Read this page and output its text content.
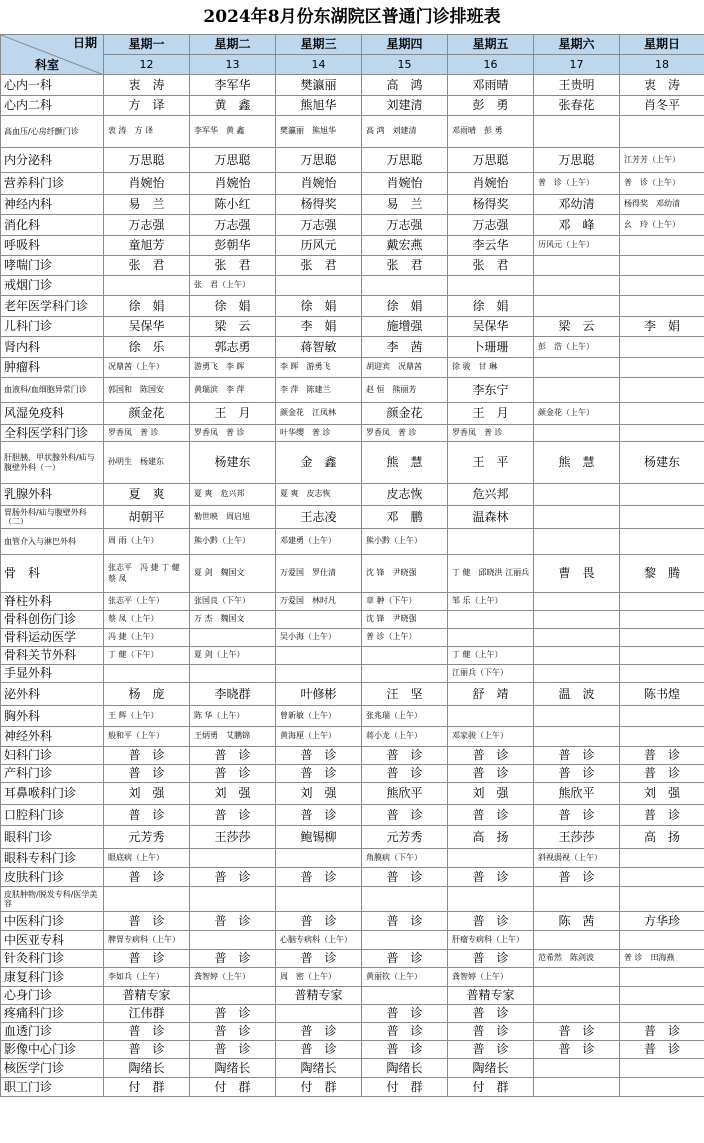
2024年8月份东湖院区普通门诊排班表
日期
科室	星期一	星期二	星期三	星期四	星期五	星期六	星期日
	12	13	14	15	16	17	18
心内一科	衷　涛	李军华	樊瀛丽	高　鸿	邓雨晴	王贵明	衷　涛
心内二科	方　译	黄　鑫	熊旭华	刘建清	彭　勇	张春花	肖冬平
高血压/心房纤颤门诊	衷 涛　方 译	李军华　黄 鑫	樊瀛丽　熊旭华	高 鸿　刘建清	邓雨晴　彭 勇		
内分泌科	万思聪	万思聪	万思聪	万思聪	万思聪	万思聪	江芳芳（上午）
营养科门诊	肖婉怡	肖婉怡	肖婉怡	肖婉怡	肖婉怡	普　诊（上午）	普　诊（上午）
神经内科	易　兰	陈小红	杨得奖	易　兰	杨得奖	邓幼清	杨得奖　邓幼清
消化科	万志强	万志强	万志强	万志强	万志强	邓　峰	幺　玲（上午）
呼吸科	童旭芳	彭朝华	历风元	戴宏燕	李云华	历风元（上午）	
哮喘门诊	张　君	张　君	张　君	张　君	张　君		
戒烟门诊		张　君（上午）					
老年医学科门诊	徐　娟	徐　娟	徐　娟	徐　娟	徐　娟		
儿科门诊	吴保华	梁　云	李　娟	施增强	吴保华	梁　云	李　娟
肾内科	徐　乐	郭志勇	蒋智敏	李　茜	卜珊珊	彭　浩（上午）	
肿瘤科	况鼎茜（上午）	游勇飞　李 晖	李 晖　游勇飞	胡迎宾　况鼎茜	徐 骏　甘 琳		
血液科/血细胞异常门诊	郭国和　陈国安	黄瑞滨　李 萍	李 萍　陈建兰	赵 恒　熊丽芳	李东宁		
风湿免疫科	颜金花	王　月	颜金花　江凤林	颜金花	王　月	颜金花（上午）	
全科医学科门诊	罗香凤　普 诊	罗香凤　普 诊	叶华缨　普 诊	罗香凤　普 诊	罗香凤　普 诊		
肝胆胰、甲状腺外科/疝与腹壁外科（一）	孙明生　杨建东	杨建东	金　鑫	熊　慧	王　平	熊　慧	杨建东
乳腺外科	夏　爽	夏 爽　危兴邦	夏 爽　皮志恢	皮志恢	危兴邦		
胃肠外科/疝与腹壁外科（二）	胡朝平	勒世映　周启旭	王志凌	邓　鹏	温森林		
血管介入与淋巴外科	周 雨（上午）	熊小黔（上午）	邓建勇（上午）	熊小黔（上午）			
骨　科	张志平　冯 捷 丁 健　蔡 凤	夏 剑　魏国文	万爱国　罗仕清	沈 锋　尹晓强	丁 健　邱晓洪 江丽兵	曹　畏	黎　腾
脊柱外科	张志平（上午）	张国良（下午）	万爱国　林时凡	章 翀（下午）	邹 乐（上午）		
骨科创伤门诊	蔡 凤（上午）	万 杰　魏国文		沈 锋　尹晓强			
骨科运动医学	冯 捷（上午）		吴小海（上午）	普 诊（上午）			
骨科关节外科	丁 健（下午）	夏 剑（上午）			丁 健（上午）		
手显外科					江丽兵（下午）		
泌外科	杨　庞	李晓群	叶修彬	汪　坚	舒　靖	温　波	陈书煌
胸外科	王 辉（上午）	陈 华（上午）	曾新敏（上午）	张兆瑞（上午）			
神经外科	般和平（上午）	王炳勇　艾鹏锦	黄海厘（上午）	蒋小龙（上午）	邓家骏（上午）		
妇科门诊	普　诊	普　诊	普　诊	普　诊	普　诊	普　诊	普　诊
产科门诊	普　诊	普　诊	普　诊	普　诊	普　诊	普　诊	普　诊
耳鼻喉科门诊	刘　强	刘　强	刘　强	熊欣平	刘　强	熊欣平	刘　强
口腔科门诊	普　诊	普　诊	普　诊	普　诊	普　诊	普　诊	普　诊
眼科门诊	元芳秀	王莎莎	鲍锡柳	元芳秀	高　扬	王莎莎	高　扬
眼科专科门诊	眼底病（上午）			角膜病（下午）		斜视弱视（上午）	
皮肤科门诊	普　诊	普　诊	普　诊	普　诊	普　诊	普　诊	
皮肤肿物/脱发专科/医学美容							
中医科门诊	普　诊	普　诊	普　诊	普　诊	普　诊	陈　茜	方华珍
中医亚专科	脾胃专病科（上午）		心脑专病科（上午）		肝瘤专病科（上午）		
针灸科门诊	普　诊	普　诊	普　诊	普　诊	普　诊	范希然　陈剑波	普 诊　田海燕
康复科门诊	李如兵（上午）	龚智婷（上午）	周　密（上午）	黄丽钦（上午）	龚智婷（上午）		
心身门诊	普精专家		普精专家		普精专家		
疼痛科门诊	江伟群	普　诊		普　诊	普　诊		
血透门诊	普　诊	普　诊	普　诊	普　诊	普　诊	普　诊	普　诊
影像中心门诊	普　诊	普　诊	普　诊	普　诊	普　诊	普　诊	普　诊
核医学门诊	陶绪长	陶绪长	陶绪长	陶绪长	陶绪长		
职工门诊	付　群	付　群	付　群	付　群	付　群		
